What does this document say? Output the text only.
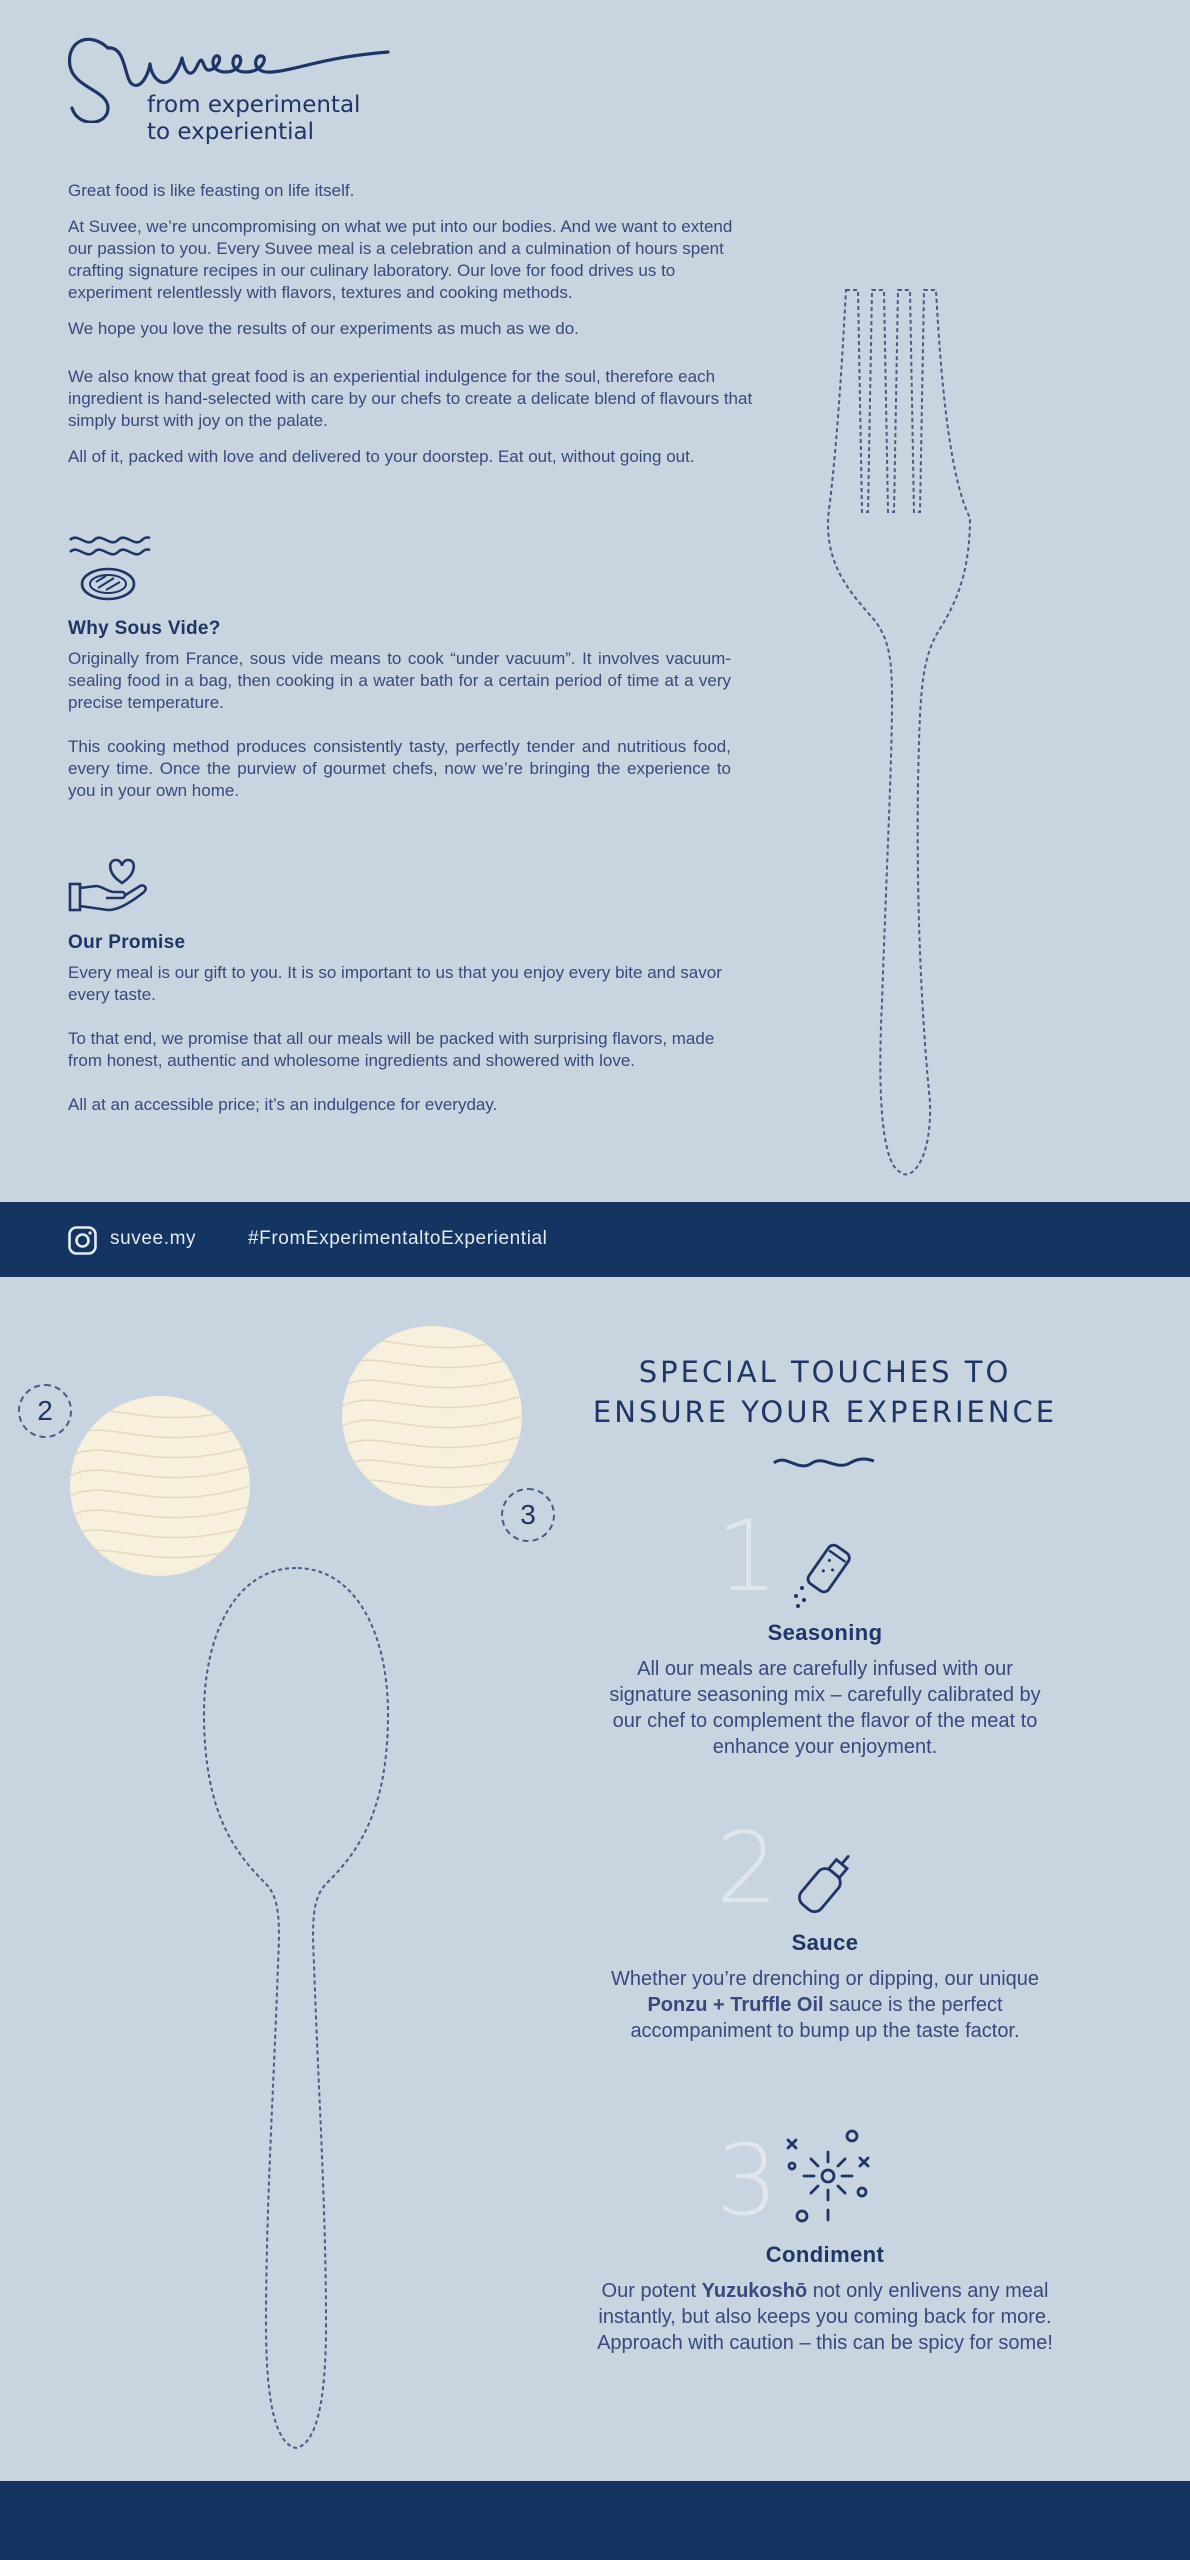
from experimental
to experiential

Great food is like feasting on life itself.

At Suvee, we’re uncompromising on what we put into our bodies. And we want to extend our passion to you. Every Suvee meal is a celebration and a culmination of hours spent crafting signature recipes in our culinary laboratory. Our love for food drives us to experiment relentlessly with flavors, textures and cooking methods.

We hope you love the results of our experiments as much as we do.

We also know that great food is an experiential indulgence for the soul, therefore each ingredient is hand-selected with care by our chefs to create a delicate blend of flavours that simply burst with joy on the palate.

All of it, packed with love and delivered to your doorstep. Eat out, without going out.

Why Sous Vide?

Originally from France, sous vide means to cook “under vacuum”. It involves vacuum-sealing food in a bag, then cooking in a water bath for a certain period of time at a very precise temperature.

This cooking method produces consistently tasty, perfectly tender and nutritious food, every time. Once the purview of gourmet chefs, now we’re bringing the experience to you in your own home.

Our Promise

Every meal is our gift to you. It is so important to us that you enjoy every bite and savor every taste.

To that end, we promise that all our meals will be packed with surprising flavors, made from honest, authentic and wholesome ingredients and showered with love.

All at an accessible price; it’s an indulgence for everyday.

suvee.my	#FromExperimentaltoExperiential
2
3
SPECIAL TOUCHES TO
ENSURE YOUR EXPERIENCE
1
Seasoning

All our meals are carefully infused with our signature seasoning mix – carefully calibrated by our chef to complement the flavor of the meat to enhance your enjoyment.

2
Sauce

Whether you’re drenching or dipping, our unique Ponzu + Truffle Oil sauce is the perfect accompaniment to bump up the taste factor.

3
Condiment

Our potent Yuzukoshō not only enlivens any meal instantly, but also keeps you coming back for more. Approach with caution – this can be spicy for some!
